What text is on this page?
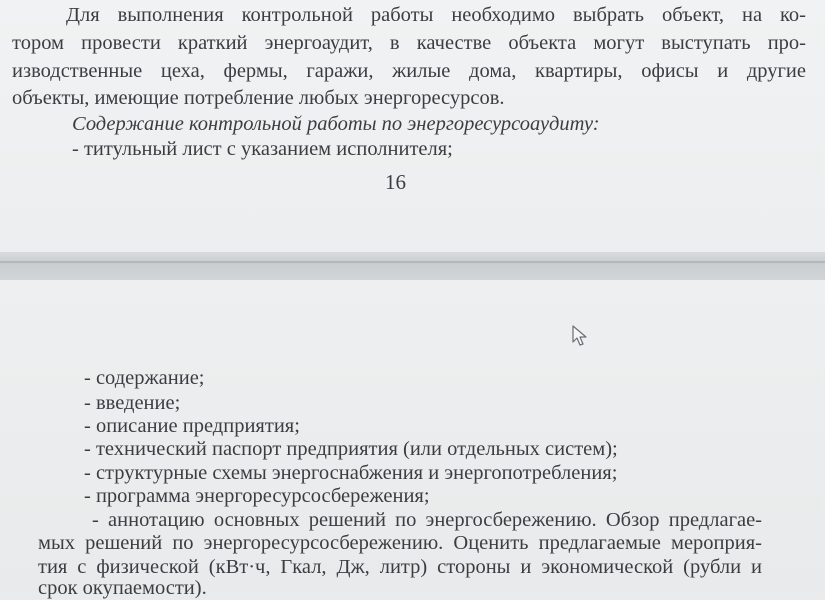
Для выполнения контрольной работы необходимо выбрать объект, на ко-
тором провести краткий энергоаудит, в качестве объекта могут выступать про-
изводственные цеха, фермы, гаражи, жилые дома, квартиры, офисы и другие
объекты, имеющие потребление любых энергоресурсов.
Содержание контрольной работы по энергоресурсоаудиту:
- титульный лист с указанием исполнителя;
16
- содержание;
- введение;
- описание предприятия;
- технический паспорт предприятия (или отдельных систем);
- структурные схемы энергоснабжения и энергопотребления;
- программа энергоресурсосбережения;
- аннотацию основных решений по энергосбережению. Обзор предлагае-
мых решений по энергоресурсосбережению. Оценить предлагаемые мероприя-
тия с физической (кВт·ч, Гкал, Дж, литр) стороны и экономической (рубли и
срок окупаемости).
